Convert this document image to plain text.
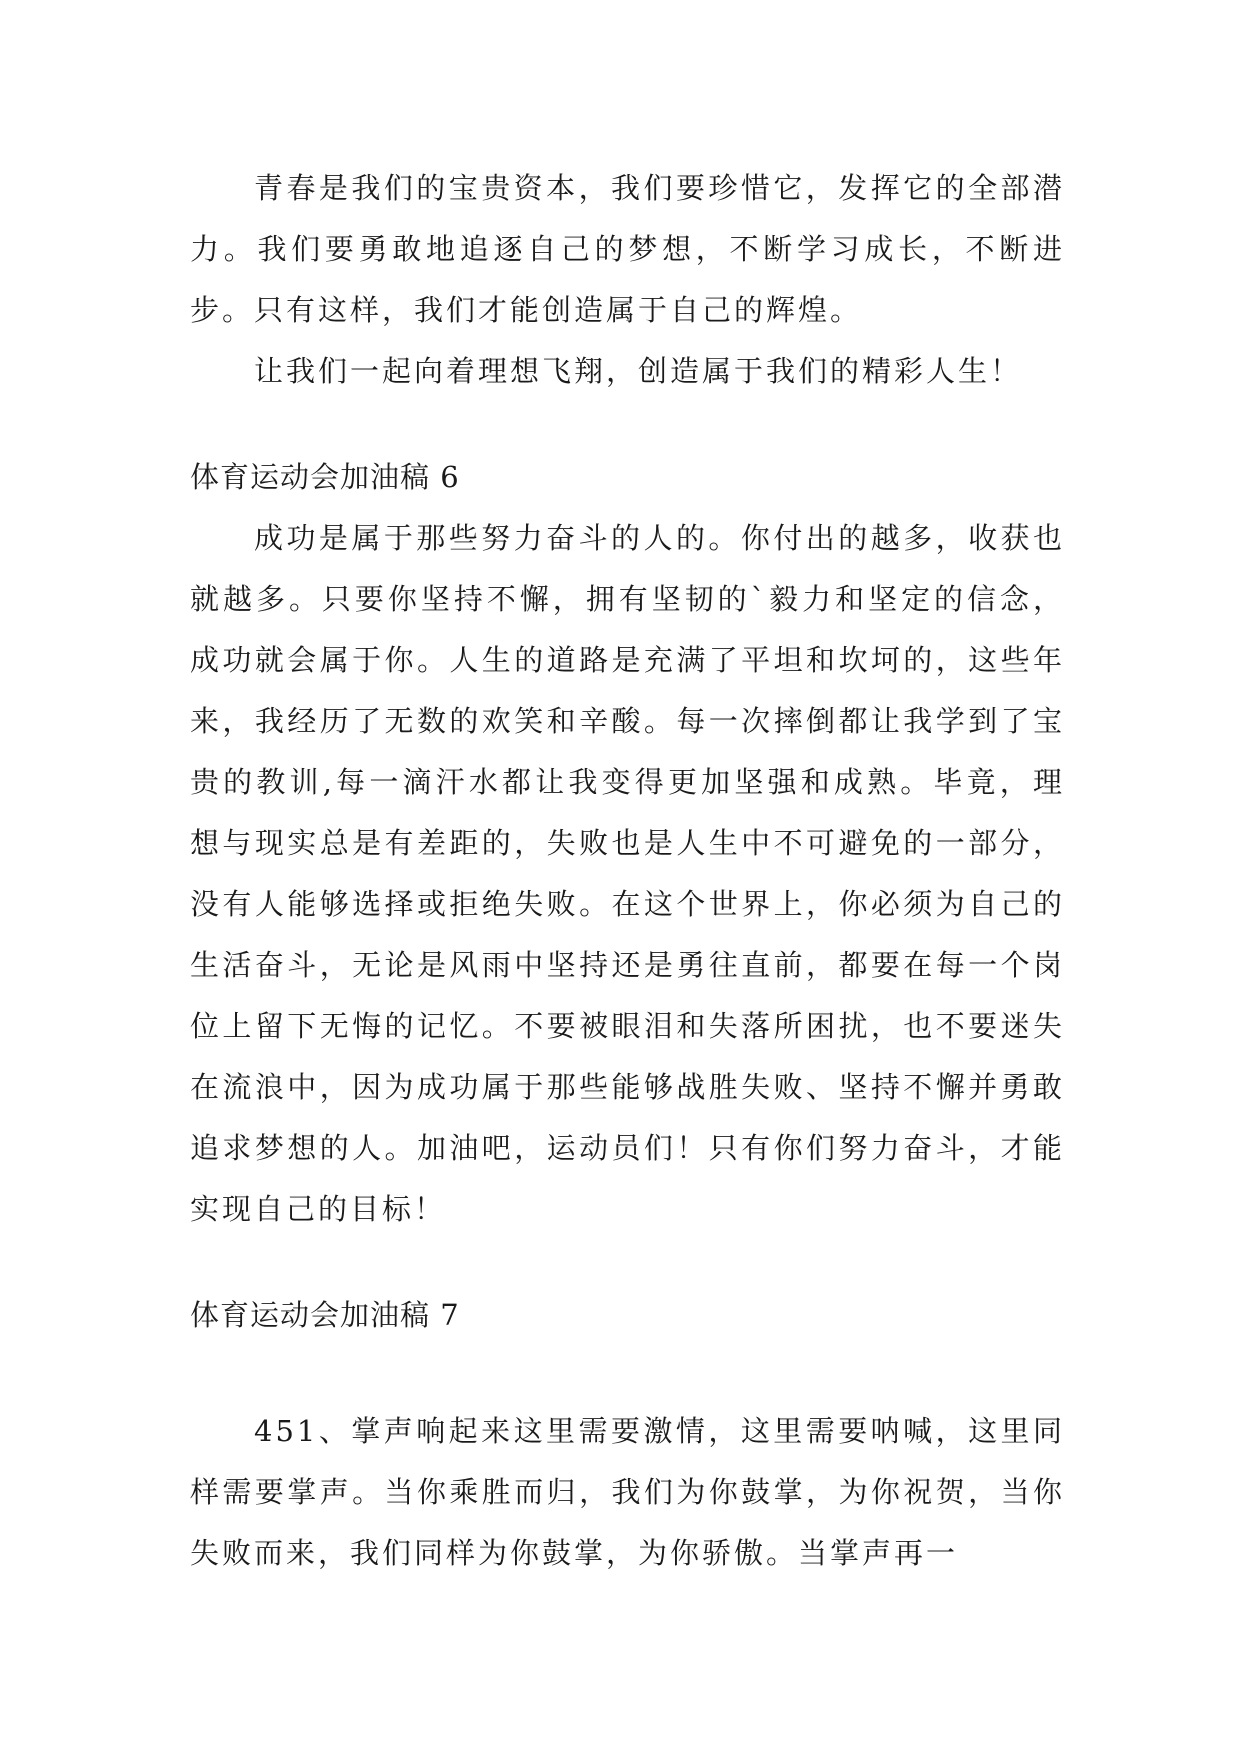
青春是我们的宝贵资本，我们要珍惜它，发挥它的全部潜力。我们要勇敢地追逐自己的梦想，不断学习成长，不断进步。只有这样，我们才能创造属于自己的辉煌。

让我们一起向着理想飞翔，创造属于我们的精彩人生！

体育运动会加油稿 6

成功是属于那些努力奋斗的人的。你付出的越多，收获也就越多。只要你坚持不懈，拥有坚韧的`毅力和坚定的信念，成功就会属于你。人生的道路是充满了平坦和坎坷的，这些年来，我经历了无数的欢笑和辛酸。每一次摔倒都让我学到了宝贵的教训,每一滴汗水都让我变得更加坚强和成熟。毕竟，理想与现实总是有差距的，失败也是人生中不可避免的一部分，没有人能够选择或拒绝失败。在这个世界上，你必须为自己的生活奋斗，无论是风雨中坚持还是勇往直前，都要在每一个岗位上留下无悔的记忆。不要被眼泪和失落所困扰，也不要迷失在流浪中，因为成功属于那些能够战胜失败、坚持不懈并勇敢追求梦想的人。加油吧，运动员们！只有你们努力奋斗，才能实现自己的目标！

体育运动会加油稿 7

451、掌声响起来这里需要激情，这里需要呐喊，这里同样需要掌声。当你乘胜而归，我们为你鼓掌，为你祝贺，当你失败而来，我们同样为你鼓掌，为你骄傲。当掌声再一
